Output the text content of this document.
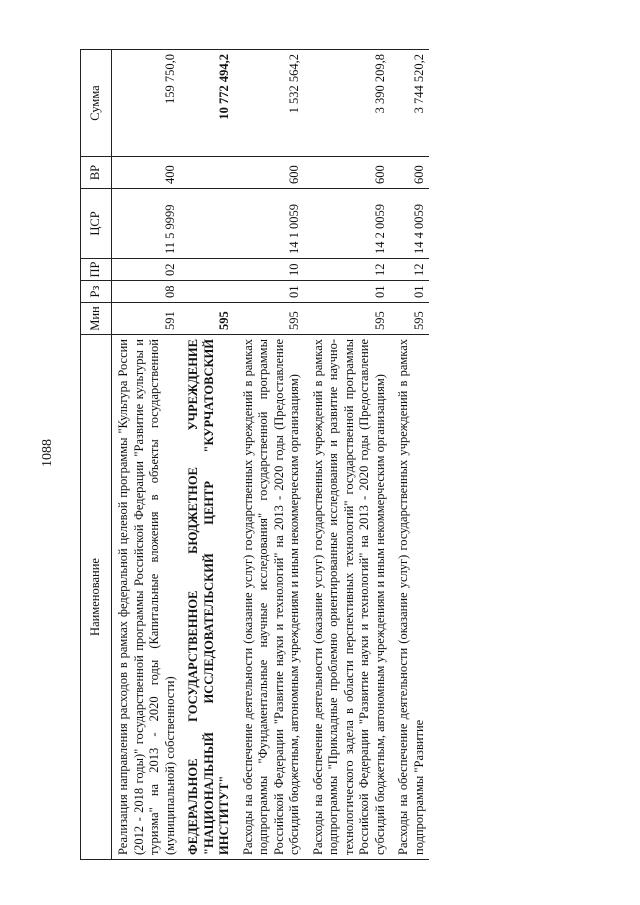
1088
Наименование	Мин	Рз	ПР	ЦСР	ВР	Сумма
Реализация направления расходов в рамках федеральной целевой программы "Культура России (2012 - 2018 годы)" государственной программы Российской Федерации "Развитие культуры и туризма" на 2013 - 2020 годы (Капитальные вложения в объекты государственной (муниципальной) собственности)	591	08	02	11 5 9999	400	159 750,0
ФЕДЕРАЛЬНОЕ ГОСУДАРСТВЕННОЕ БЮДЖЕТНОЕ УЧРЕЖДЕНИЕ "НАЦИОНАЛЬНЫЙ ИССЛЕДОВАТЕЛЬСКИЙ ЦЕНТР "КУРЧАТОВСКИЙ ИНСТИТУТ"	595					10 772 494,2
Расходы на обеспечение деятельности (оказание услуг) государственных учреждений в рамках подпрограммы "Фундаментальные научные исследования" государственной программы Российской Федерации "Развитие науки и технологий" на 2013 - 2020 годы (Предоставление субсидий бюджетным, автономным учреждениям и иным некоммерческим организациям)	595	01	10	14 1 0059	600	1 532 564,2
Расходы на обеспечение деятельности (оказание услуг) государственных учреждений в рамках подпрограммы "Прикладные проблемно ориентированные исследования и развитие научно-технологического задела в области перспективных технологий" государственной программы Российской Федерации "Развитие науки и технологий" на 2013 - 2020 годы (Предоставление субсидий бюджетным, автономным учреждениям и иным некоммерческим организациям)	595	01	12	14 2 0059	600	3 390 209,8
Расходы на обеспечение деятельности (оказание услуг) государственных учреждений в рамках подпрограммы "Развитие	595	01	12	14 4 0059	600	3 744 520,2
